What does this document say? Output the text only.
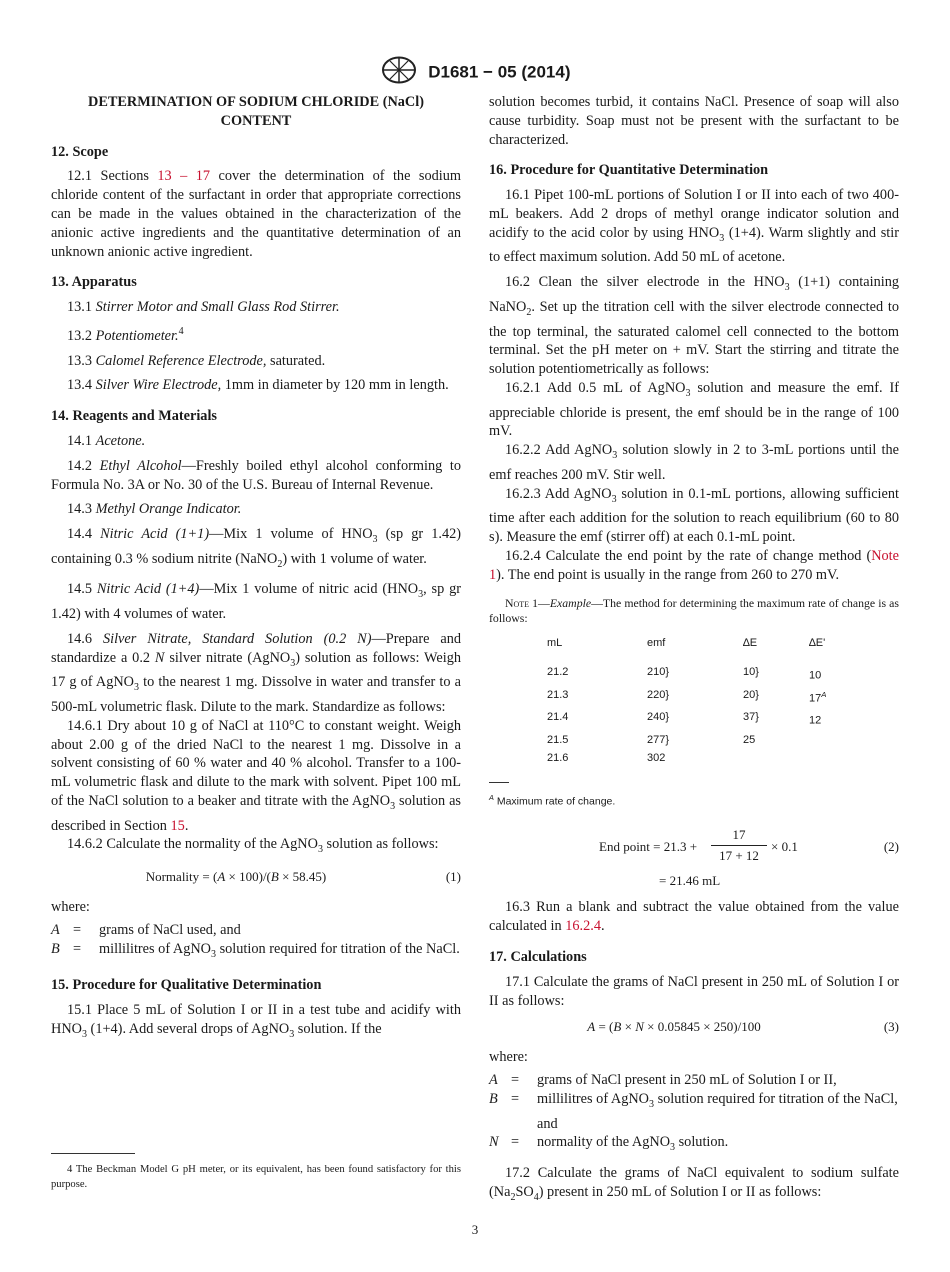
D1681 − 05 (2014)

DETERMINATION OF SODIUM CHLORIDE (NaCl) CONTENT

12. Scope

12.1 Sections 13 – 17 cover the determination of the sodium chloride content of the surfactant in order that appropriate corrections can be made in the values obtained in the characterization of the anionic active ingredients and the quantitative determination of an unknown anionic active ingredient.

13. Apparatus

13.1 Stirrer Motor and Small Glass Rod Stirrer.

13.2 Potentiometer.$^4$

13.3 Calomel Reference Electrode, saturated.

13.4 Silver Wire Electrode, 1mm in diameter by 120 mm in length.

14. Reagents and Materials

14.1 Acetone.

14.2 Ethyl Alcohol—Freshly boiled ethyl alcohol conforming to Formula No. 3A or No. 30 of the U.S. Bureau of Internal Revenue.

14.3 Methyl Orange Indicator.

14.4 Nitric Acid (1+1)—Mix 1 volume of $HNO_3$ (sp gr 1.42) containing 0.3 % sodium nitrite (NaNO$_2$) with 1 volume of water.

14.5 Nitric Acid (1+4)—Mix 1 volume of nitric acid ($HNO_3$, sp gr 1.42) with 4 volumes of water.

14.6 Silver Nitrate, Standard Solution (0.2 N)—Prepare and standardize a 0.2 N silver nitrate (AgNO$_3$) solution as follows: Weigh 17 g of AgNO$_3$ to the nearest 1 mg. Dissolve in water and transfer to a 500-mL volumetric flask. Dilute to the mark. Standardize as follows:

14.6.1 Dry about 10 g of NaCl at 110°C to constant weight. Weigh about 2.00 g of the dried NaCl to the nearest 1 mg. Dissolve in a solvent consisting of 60 % water and 40 % alcohol. Transfer to a 100-mL volumetric flask and dilute to the mark with solvent. Pipet 100 mL of the NaCl solution to a beaker and titrate with the AgNO$_3$ solution as described in Section 15.

14.6.2 Calculate the normality of the AgNO$_3$ solution as follows:

Normality = (A × 100)/(B × 58.45)	(1)

where:

A =	grams of NaCl used, and
B =	millilitres of AgNO$_3$ solution required for titration of the NaCl.
15. Procedure for Qualitative Determination

15.1 Place 5 mL of Solution I or II in a test tube and acidify with $HNO_3$ (1+4). Add several drops of AgNO$_3$ solution. If the

4 The Beckman Model G pH meter, or its equivalent, has been found satisfactory for this purpose.

solution becomes turbid, it contains NaCl. Presence of soap will also cause turbidity. Soap must not be present with the surfactant to be characterized.

16. Procedure for Quantitative Determination

16.1 Pipet 100-mL portions of Solution I or II into each of two 400-mL beakers. Add 2 drops of methyl orange indicator solution and acidify to the acid color by using $HNO_3$ (1+4). Warm slightly and stir to effect maximum solution. Add 50 mL of acetone.

16.2 Clean the silver electrode in the $HNO_3$ (1+1) containing NaNO$_2$. Set up the titration cell with the silver electrode connected to the top terminal, the saturated calomel cell connected to the bottom terminal. Set the pH meter on + mV. Start the stirring and titrate the solution potentiometrically as follows:

16.2.1 Add 0.5 mL of AgNO$_3$ solution and measure the emf. If appreciable chloride is present, the emf should be in the range of 100 mV.

16.2.2 Add AgNO$_3$ solution slowly in 2 to 3-mL portions until the emf reaches 200 mV. Stir well.

16.2.3 Add AgNO$_3$ solution in 0.1-mL portions, allowing sufficient time after each addition for the solution to reach equilibrium (60 to 80 s). Measure the emf (stirrer off) at each 0.1-mL point.

16.2.4 Calculate the end point by the rate of change method (Note 1). The end point is usually in the range from 260 to 270 mV.

Note 1—Example—The method for determining the maximum rate of change is as follows:

mL	emf	∆E	∆E'

21.2	210}	10}	10
21.3	220}	20}	$17^A$
21.4	240}	37}	12
21.5	277}	25	
21.6	302		
$^A$ Maximum rate of change.
End point = $21.3 + \frac{17}{17 + 12} \times 0.1$	(2)

= 21.46 mL

16.3 Run a blank and subtract the value obtained from the value calculated in 16.2.4.

17. Calculations

17.1 Calculate the grams of NaCl present in 250 mL of Solution I or II as follows:

A = (B × N × 0.05845 × 250)/100	(3)

where:

A =	grams of NaCl present in 250 mL of Solution I or II,
B =	millilitres of AgNO$_3$ solution required for titration of the NaCl, and
N =	normality of the AgNO$_3$ solution.

17.2 Calculate the grams of NaCl equivalent to sodium sulfate $(Na_2SO_4)$ present in 250 mL of Solution I or II as follows:

3
